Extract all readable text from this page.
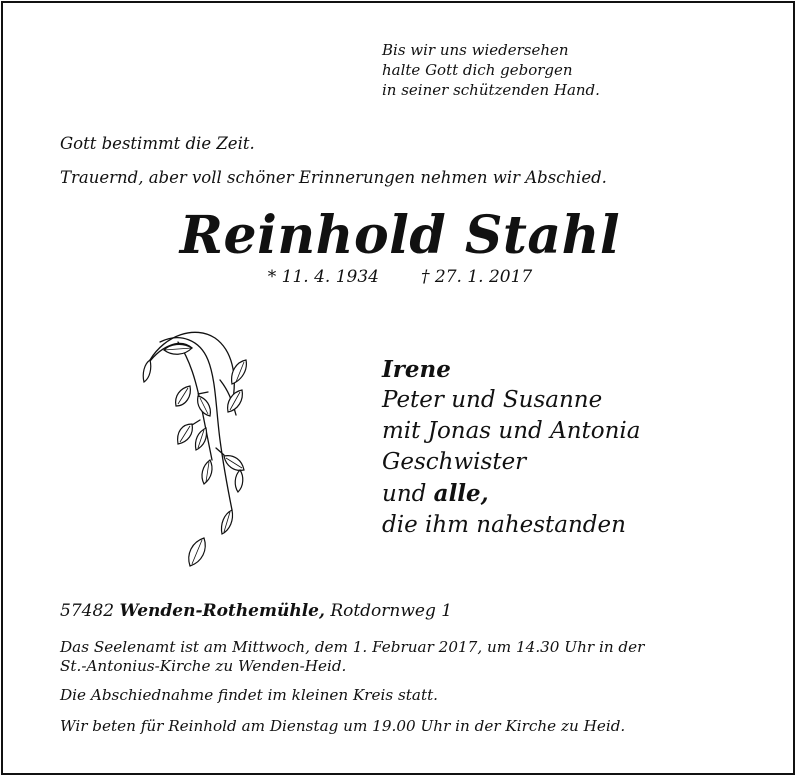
Bis wir uns wiedersehen
halte Gott dich geborgen
in seiner schützenden Hand.
Gott bestimmt die Zeit.
Trauernd, aber voll schöner Erinnerungen nehmen wir Abschied.
Reinhold Stahl
* 11. 4. 1934 † 27. 1. 2017
Irene
Peter und Susanne
mit Jonas und Antonia
Geschwister
und alle,
die ihm nahestanden
57482 Wenden-Rothemühle, Rotdornweg 1
Das Seelenamt ist am Mittwoch, dem 1. Februar 2017, um 14.30 Uhr in der
St.-Antonius-Kirche zu Wenden-Heid.
Die Abschiednahme findet im kleinen Kreis statt.
Wir beten für Reinhold am Dienstag um 19.00 Uhr in der Kirche zu Heid.
